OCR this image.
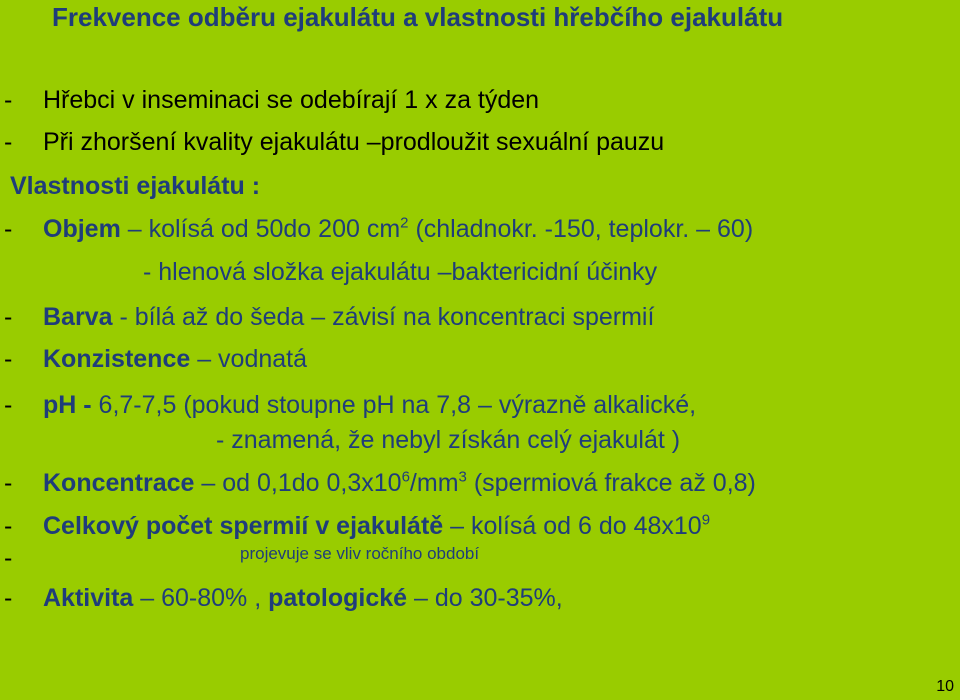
Frekvence odběru ejakulátu a vlastnosti hřebčího ejakulátu
- Hřebci v inseminaci se odebírají 1 x za týden
- Při zhoršení kvality ejakulátu –prodloužit sexuální pauzu
Vlastnosti ejakulátu :
- Objem – kolísá od 50do 200 $cm^2$ (chladnokr. -150, teplokr. – 60)
- hlenová složka ejakulátu –baktericidní účinky
- Barva - bílá až do šeda – závisí na koncentraci spermií
- Konzistence – vodnatá
- pH - 6,7-7,5 (pokud stoupne pH na 7,8 – výrazně alkalické,
- znamená, že nebyl získán celý ejakulát )
- Koncentrace – od 0,1do $0,3x10^6/mm^3$ (spermiová frakce až 0,8)
- Celkový počet spermií v ejakulátě – kolísá od 6 do $48x10^9$
-	projevuje se vliv ročního období
- Aktivita – 60-80% , patologické – do 30-35%,
10
